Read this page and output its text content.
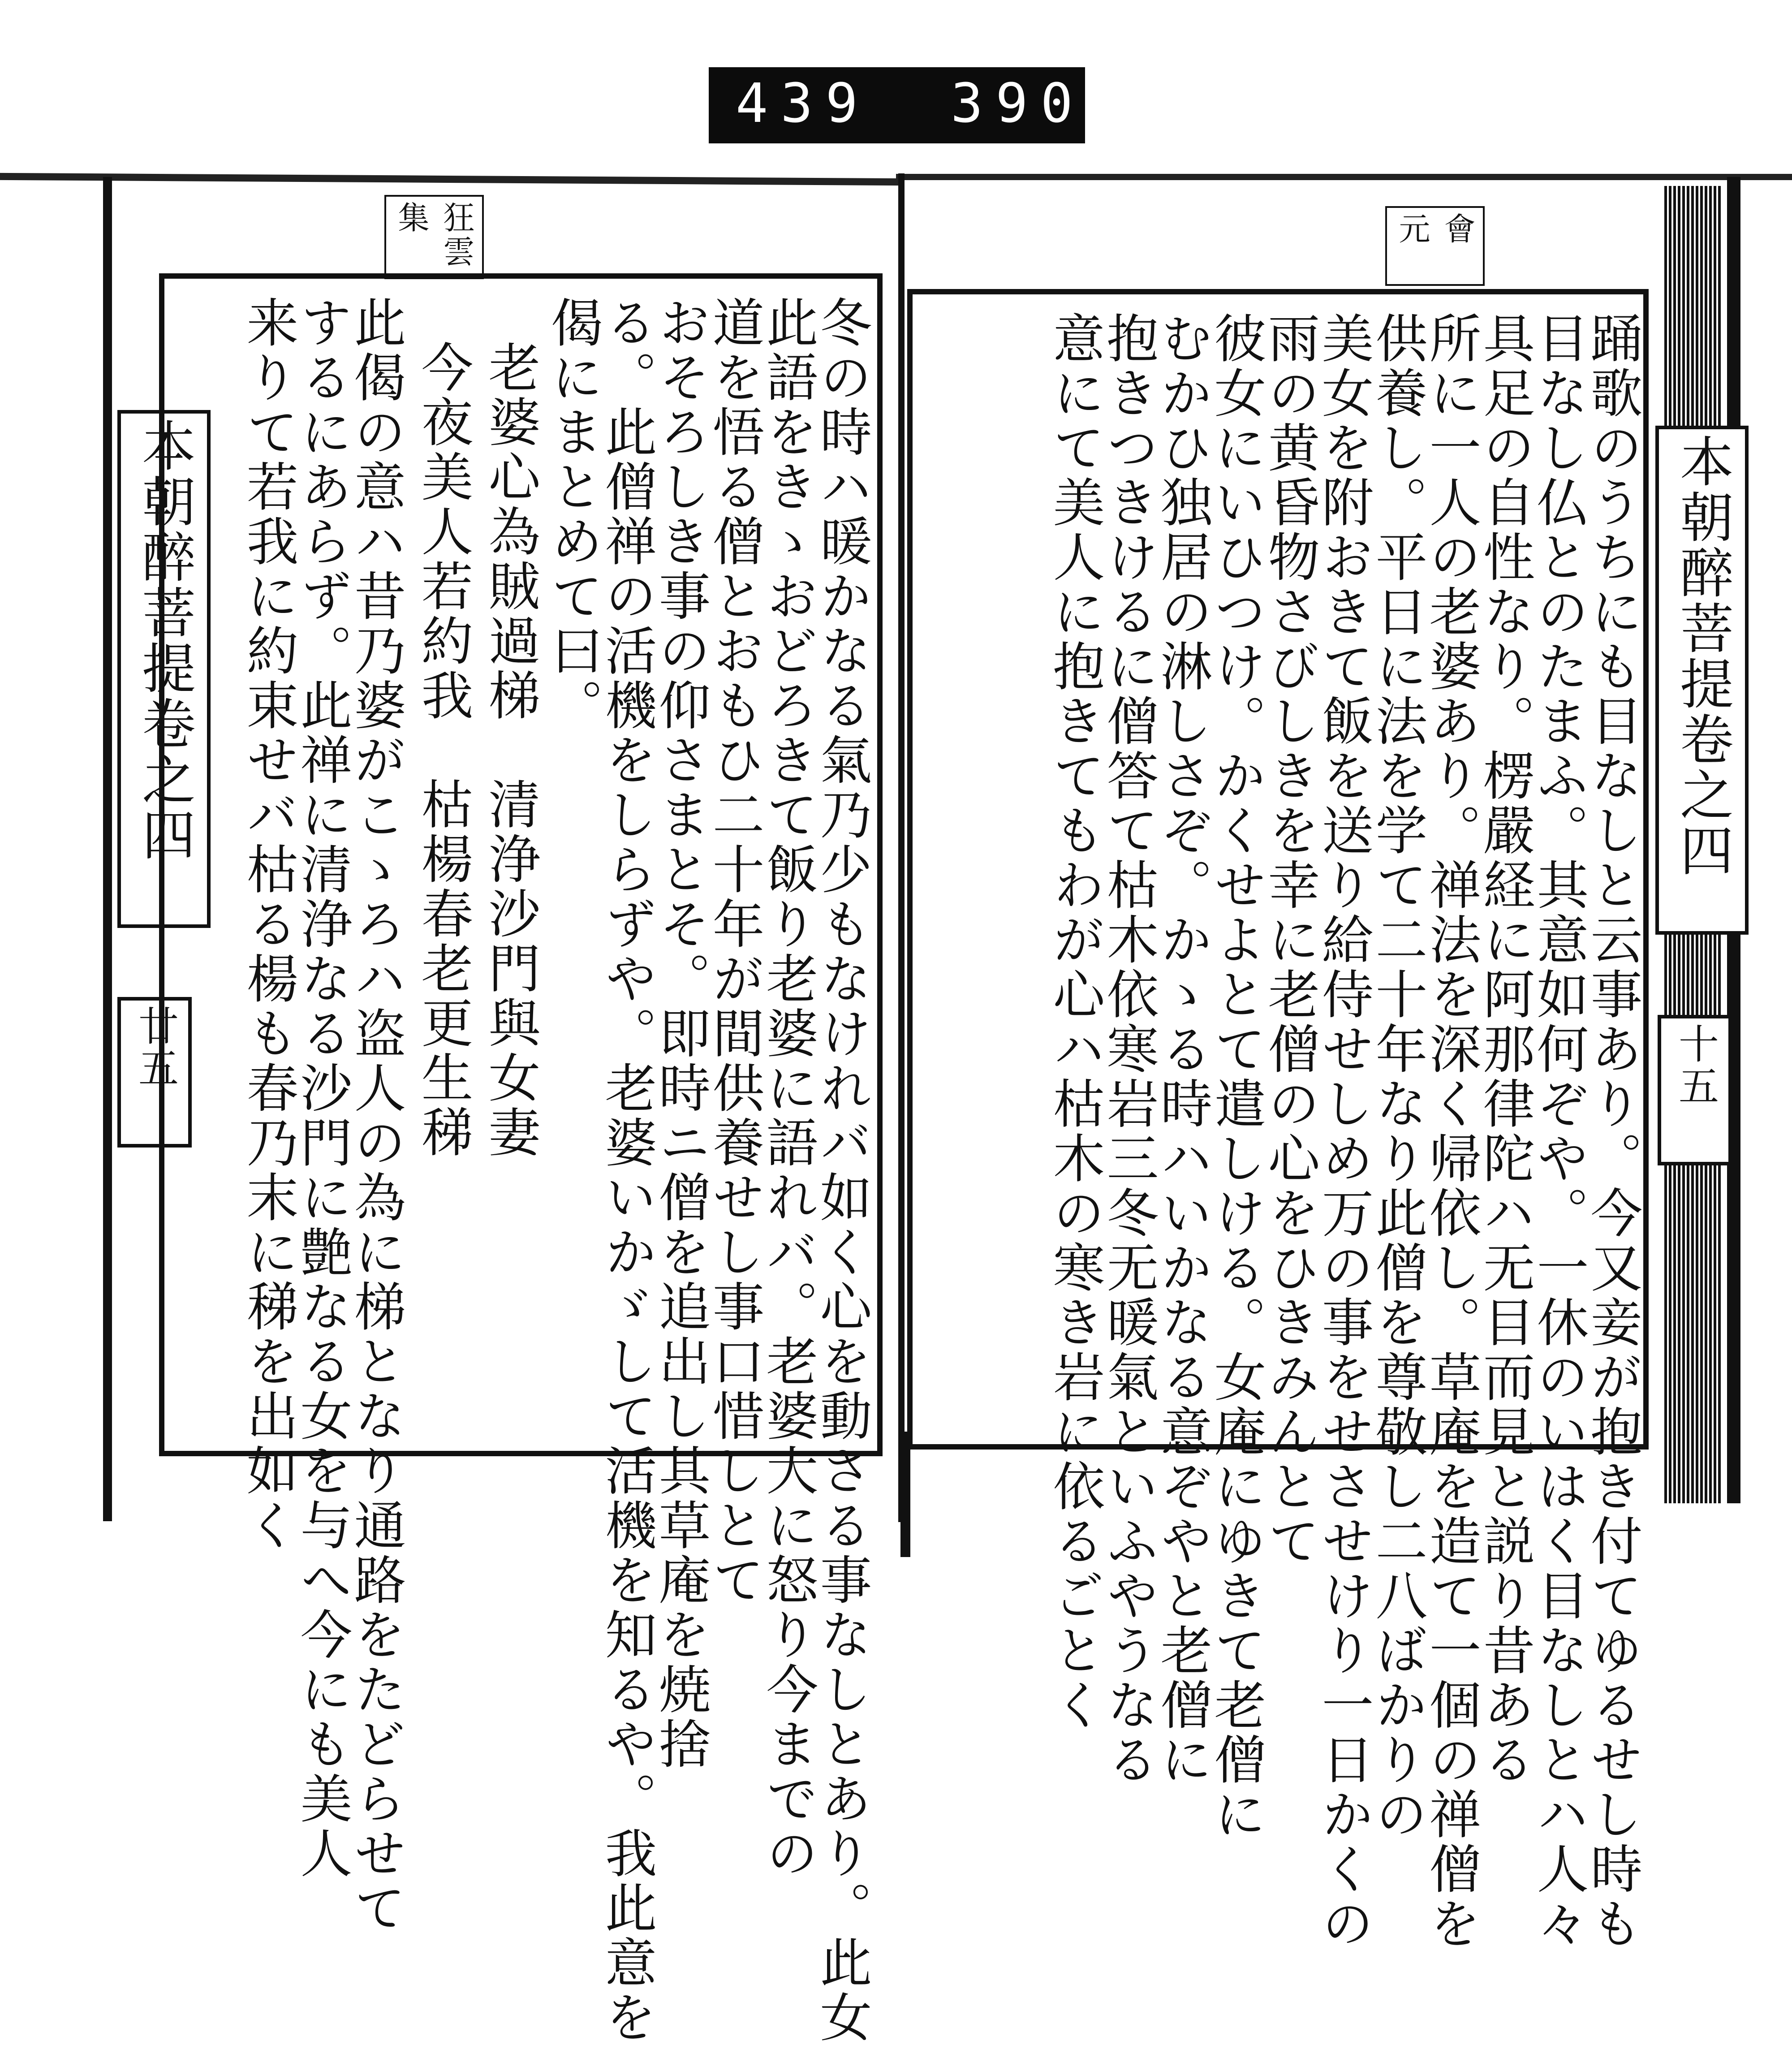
439 390.
狂雲集	會元
本朝醉菩提卷之四	本朝醉菩提卷之四
廿五	十五
冬の時ハ暖かなる氣乃少もなけれバ如く心を動さる事なしとあり。此女
此語をきゝおどろきて飯り老婆に語れバ。老婆大に怒り今までの
道を悟る僧とおもひ二十年が間供養せし事口惜しとて
おそろしき事の仰さまとそ。即時ニ僧を追出し其草庵を焼捨
る。此僧禅の活機をしらずや。老婆いかゞして活機を知るや。我此意を
偈にまとめて曰。
老婆心為賊過梯
清浄沙門與女妻
今夜美人若約我
枯楊春老更生稊
此偈の意ハ昔乃婆がこゝろハ盗人の為に梯となり通路をたどらせて
するにあらず。此禅に清浄なる沙門に艶なる女を与へ今にも美人
来りて若我に約束せバ枯る楊も春乃末に稊を出如く	踊歌のうちにも目なしと云事あり。今又妾が抱き付てゆるせし時も
目なし仏とのたまふ。其意如何ぞや。一休のいはく目なしとハ人々
具足の自性なり。楞嚴経に阿那律陀ハ无目而見と説り昔ある
所に一人の老婆あり。禅法を深く帰依し。草庵を造て一個の禅僧を
供養し。平日に法を学て二十年なり此僧を尊敬し二八ばかりの
美女を附おきて飯を送り給侍せしめ万の事をせさせけり一日かくの
雨の黄昏物さびしきを幸に老僧の心をひきみんとて
彼女にいひつけ。かくせよとて遣しける。女庵にゆきて老僧に
むかひ独居の淋しさぞ。かゝる時ハいかなる意ぞやと老僧に
抱きつきけるに僧答て枯木依寒岩三冬无暖氣といふやうなる
意にて美人に抱きてもわが心ハ枯木の寒き岩に依るごとく
